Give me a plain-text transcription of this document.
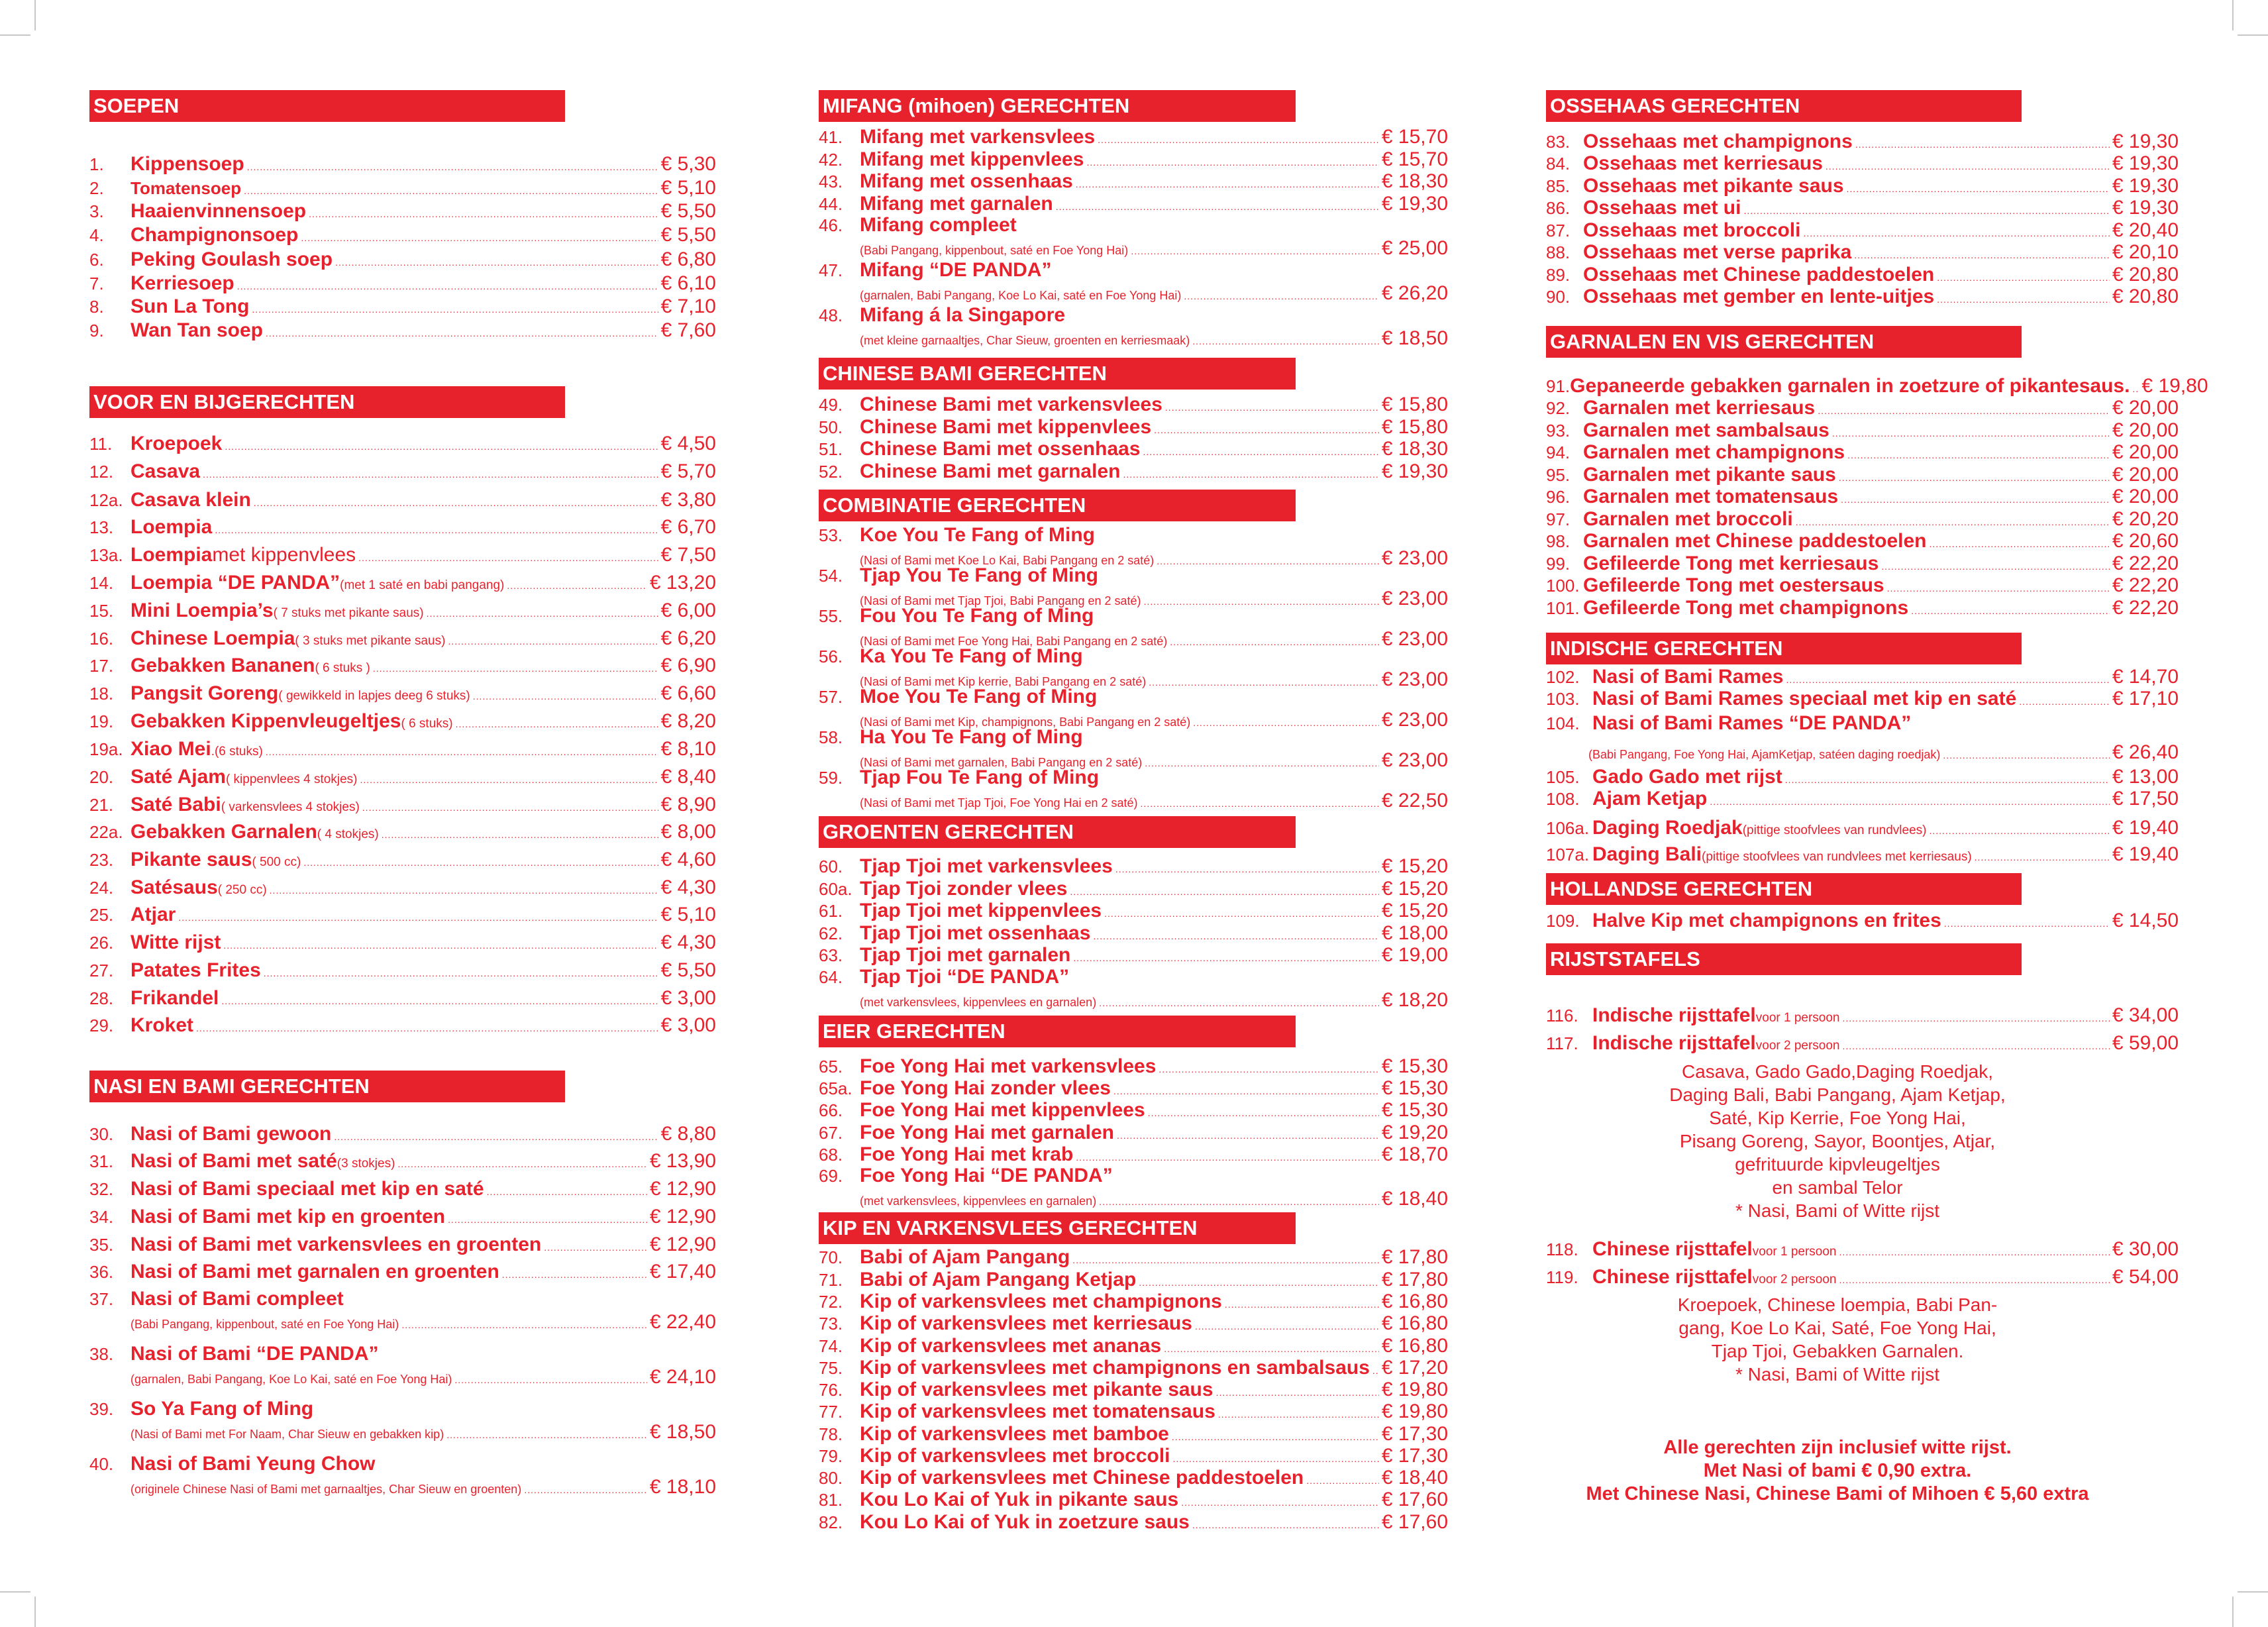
SOEPEN
1.	Kippensoep .....	€ 5,30
2.	Tomatensoep .....	€ 5,10
3.	Haaienvinnensoep .....	€ 5,50
4.	Champignonsoep .....	€ 5,50
6.	Peking Goulash soep .....	€ 6,80
7.	Kerriesoep .....	€ 6,10
8.	Sun La Tong .....	€ 7,10
9.	Wan Tan soep .....	€ 7,60
VOOR EN BIJGERECHTEN
11. Kroepoek .....	€ 4,50
12. Casava .....	€ 5,70
12a. Casava klein .....	€ 3,80
13. Loempia .....	€ 6,70
13a. Loempia met kippenvlees .....	€ 7,50
14. Loempia “DE PANDA” (met 1 saté en babi pangang) .....	€ 13,20
15. Mini Loempia’s ( 7 stuks met pikante saus) .....	€ 6,00
16. Chinese Loempia ( 3 stuks met pikante saus) .....	€ 6,20
17. Gebakken Bananen ( 6 stuks ) .....	€ 6,90
18. Pangsit Goreng ( gewikkeld in lapjes deeg 6 stuks) .....	€ 6,60
19. Gebakken Kippenvleugeltjes ( 6 stuks) .....	€ 8,20
19a. Xiao Mei .(6 stuks) .....	€ 8,10
20. Saté Ajam ( kippenvlees 4 stokjes) .....	€ 8,40
21. Saté Babi ( varkensvlees 4 stokjes) .....	€ 8,90
22a. Gebakken Garnalen ( 4 stokjes) .....	€ 8,00
23. Pikante saus ( 500 cc) .....	€ 4,60
24. Satésaus ( 250 cc) .....	€ 4,30
25. Atjar .....	€ 5,10
26. Witte rijst .....	€ 4,30
27. Patates Frites .....	€ 5,50
28. Frikandel .....	€ 3,00
29. Kroket .....	€ 3,00
NASI EN BAMI GERECHTEN
30. Nasi of Bami gewoon .....	€ 8,80
31. Nasi of Bami met saté (3 stokjes) .....	€ 13,90
32. Nasi of Bami speciaal met kip en saté .....	€ 12,90
34. Nasi of Bami met kip en groenten .....	€ 12,90
35. Nasi of Bami met varkensvlees en groenten .....	€ 12,90
36. Nasi of Bami met garnalen en groenten .....	€ 17,40
37. Nasi of Bami compleet
(Babi Pangang, kippenbout, saté en Foe Yong Hai) .....	€ 22,40
38. Nasi of Bami “DE PANDA”
(garnalen, Babi Pangang, Koe Lo Kai, saté en Foe Yong Hai) .....	€ 24,10
39. So Ya Fang of Ming
(Nasi of Bami met For Naam, Char Sieuw en gebakken kip) .....	€ 18,50
40. Nasi of Bami Yeung Chow
(originele Chinese Nasi of Bami met garnaaltjes, Char Sieuw en groenten) .....	€ 18,10
MIFANG (mihoen) GERECHTEN
41. Mifang met varkensvlees .....	€ 15,70
42. Mifang met kippenvlees .....	€ 15,70
43. Mifang met ossenhaas .....	€ 18,30
44. Mifang met garnalen .....	€ 19,30
46. Mifang compleet
(Babi Pangang, kippenbout, saté en Foe Yong Hai) .....	€ 25,00
47. Mifang “DE PANDA”
(garnalen, Babi Pangang, Koe Lo Kai, saté en Foe Yong Hai) .....	€ 26,20
48. Mifang á la Singapore
(met kleine garnaaltjes, Char Sieuw, groenten en kerriesmaak) .....	€ 18,50
CHINESE BAMI GERECHTEN
49. Chinese Bami met varkensvlees .....	€ 15,80
50. Chinese Bami met kippenvlees .....	€ 15,80
51. Chinese Bami met ossenhaas .....	€ 18,30
52. Chinese Bami met garnalen .....	€ 19,30
COMBINATIE GERECHTEN
53. Koe You Te Fang of Ming
(Nasi of Bami met Koe Lo Kai, Babi Pangang en 2 saté) .....	€ 23,00
54. Tjap You Te Fang of Ming
(Nasi of Bami met Tjap Tjoi, Babi Pangang en 2 saté) .....	€ 23,00
55. Fou You Te Fang of Ming
(Nasi of Bami met Foe Yong Hai, Babi Pangang en 2 saté) .....	€ 23,00
56. Ka You Te Fang of Ming
(Nasi of Bami met Kip kerrie, Babi Pangang en 2 saté) .....	€ 23,00
57. Moe You Te Fang of Ming
(Nasi of Bami met Kip, champignons, Babi Pangang en 2 saté) .....	€ 23,00
58. Ha You Te Fang of Ming
(Nasi of Bami met garnalen, Babi Pangang en 2 saté) .....	€ 23,00
59. Tjap Fou Te Fang of Ming
(Nasi of Bami met Tjap Tjoi, Foe Yong Hai en 2 saté) .....	€ 22,50
GROENTEN GERECHTEN
60. Tjap Tjoi met varkensvlees .....	€ 15,20
60a. Tjap Tjoi zonder vlees .....	€ 15,20
61. Tjap Tjoi met kippenvlees .....	€ 15,20
62. Tjap Tjoi met ossenhaas .....	€ 18,00
63. Tjap Tjoi met garnalen .....	€ 19,00
64. Tjap Tjoi “DE PANDA”
(met varkensvlees, kippenvlees en garnalen) .....	€ 18,20
EIER GERECHTEN
65. Foe Yong Hai met varkensvlees .....	€ 15,30
65a. Foe Yong Hai zonder vlees .....	€ 15,30
66. Foe Yong Hai met kippenvlees .....	€ 15,30
67. Foe Yong Hai met garnalen .....	€ 19,20
68. Foe Yong Hai met krab .....	€ 18,70
69. Foe Yong Hai “DE PANDA”
(met varkensvlees, kippenvlees en garnalen) .....	€ 18,40
KIP EN VARKENSVLEES GERECHTEN
70. Babi of Ajam Pangang .....	€ 17,80
71. Babi of Ajam Pangang Ketjap .....	€ 17,80
72. Kip of varkensvlees met champignons .....	€ 16,80
73. Kip of varkensvlees met kerriesaus .....	€ 16,80
74. Kip of varkensvlees met ananas .....	€ 16,80
75. Kip of varkensvlees met champignons en sambalsaus ..... € 17,20
76. Kip of varkensvlees met pikante saus .....	€ 19,80
77. Kip of varkensvlees met tomatensaus .....	€ 19,80
78. Kip of varkensvlees met bamboe .....	€ 17,30
79. Kip of varkensvlees met broccoli .....	€ 17,30
80. Kip of varkensvlees met Chinese paddestoelen .....	€ 18,40
81. Kou Lo Kai of Yuk in pikante saus .....	€ 17,60
82. Kou Lo Kai of Yuk in zoetzure saus .....	€ 17,60
OSSEHAAS GERECHTEN
83. Ossehaas met champignons .....	€ 19,30
84. Ossehaas met kerriesaus .....	€ 19,30
85. Ossehaas met pikante saus .....	€ 19,30
86. Ossehaas met ui .....	€ 19,30
87. Ossehaas met broccoli .....	€ 20,40
88. Ossehaas met verse paprika .....	€ 20,10
89. Ossehaas met Chinese paddestoelen .....	€ 20,80
90. Ossehaas met gember en lente-uitjes .....	€ 20,80
GARNALEN EN VIS GERECHTEN
91. Gepaneerde gebakken garnalen in zoetzure of pikantesaus. ..... € 19,80
92. Garnalen met kerriesaus .....	€ 20,00
93. Garnalen met sambalsaus .....	€ 20,00
94. Garnalen met champignons .....	€ 20,00
95. Garnalen met pikante saus .....	€ 20,00
96. Garnalen met tomatensaus .....	€ 20,00
97. Garnalen met broccoli .....	€ 20,20
98. Garnalen met Chinese paddestoelen .....	€ 20,60
99. Gefileerde Tong met kerriesaus .....	€ 22,20
100. Gefileerde Tong met oestersaus .....	€ 22,20
101. Gefileerde Tong met champignons .....	€ 22,20
INDISCHE GERECHTEN
102. Nasi of Bami Rames .....	€ 14,70
103. Nasi of Bami Rames speciaal met kip en saté .....	€ 17,10
104. Nasi of Bami Rames “DE PANDA”
(Babi Pangang, Foe Yong Hai, AjamKetjap, satéen daging roedjak) .....	€ 26,40
105. Gado Gado met rijst .....	€ 13,00
108. Ajam Ketjap .....	€ 17,50
106a. Daging Roedjak (pittige stoofvlees van rundvlees) .....	€ 19,40
107a. Daging Bali (pittige stoofvlees van rundvlees met kerriesaus) .....	€ 19,40
HOLLANDSE GERECHTEN
109. Halve Kip met champignons en frites .....	€ 14,50
RIJSTSTAFELS
116. Indische rijsttafel voor 1 persoon .....	€ 34,00
117. Indische rijsttafel voor 2 persoon .....	€ 59,00
Casava, Gado Gado,Daging Roedjak,
Daging Bali, Babi Pangang, Ajam Ketjap,
Saté, Kip Kerrie, Foe Yong Hai,
Pisang Goreng, Sayor, Boontjes, Atjar,
gefrituurde kipvleugeltjes
en sambal Telor
* Nasi, Bami of Witte rijst
118. Chinese rijsttafel voor 1 persoon .....	€ 30,00
119. Chinese rijsttafel voor 2 persoon .....	€ 54,00
Kroepoek, Chinese loempia, Babi Pan-
gang, Koe Lo Kai, Saté, Foe Yong Hai,
Tjap Tjoi, Gebakken Garnalen.
* Nasi, Bami of Witte rijst
Alle gerechten zijn inclusief witte rijst.
Met Nasi of bami € 0,90 extra.
Met Chinese Nasi, Chinese Bami of Mihoen € 5,60 extra
